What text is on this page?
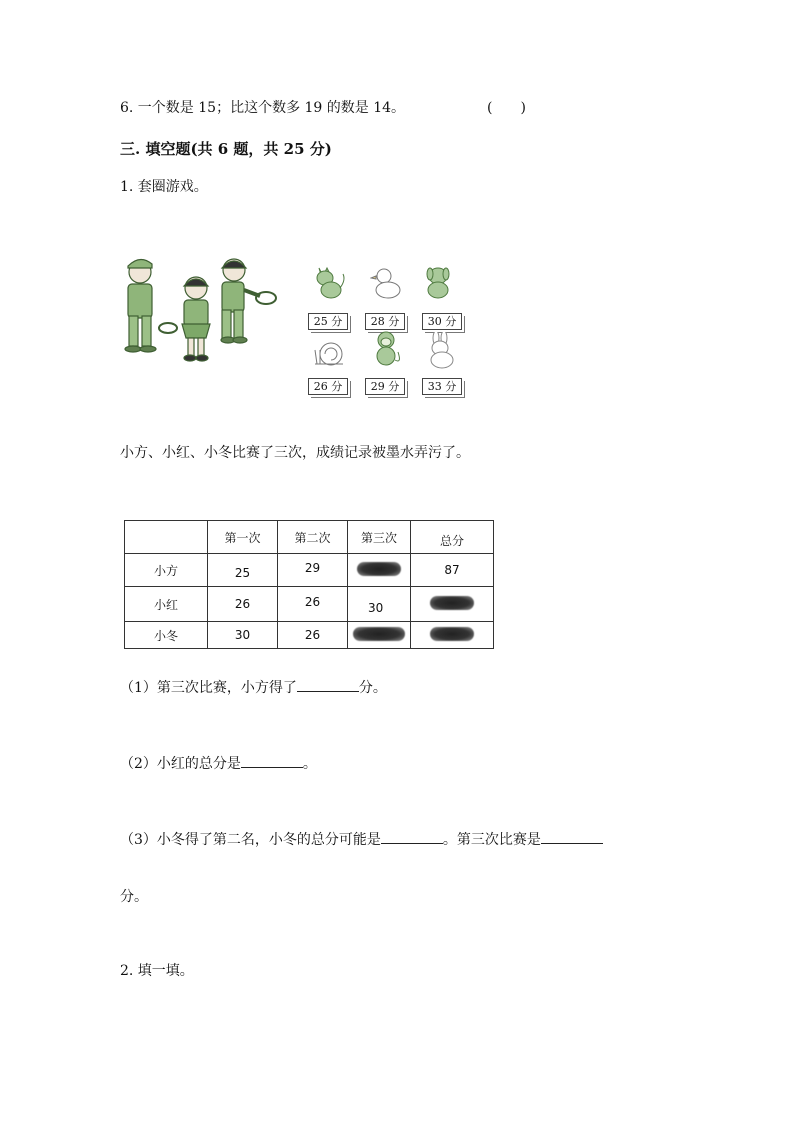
6. 一个数是 15；比这个数多 19 的数是 14。	(　　)
三. 填空题(共 6 题，共 25 分)
1. 套圈游戏。
25 分	28 分	30 分
26 分	29 分	33 分
小方、小红、小冬比赛了三次，成绩记录被墨水弄污了。
	第一次	第二次	第三次	总分
小方	25	29		87
小红	26	26	30	
小冬	30	26		
（1）第三次比赛，小方得了	分。
（2）小红的总分是	。
（3）小冬得了第二名，小冬的总分可能是	。第三次比赛是
分。
2. 填一填。
